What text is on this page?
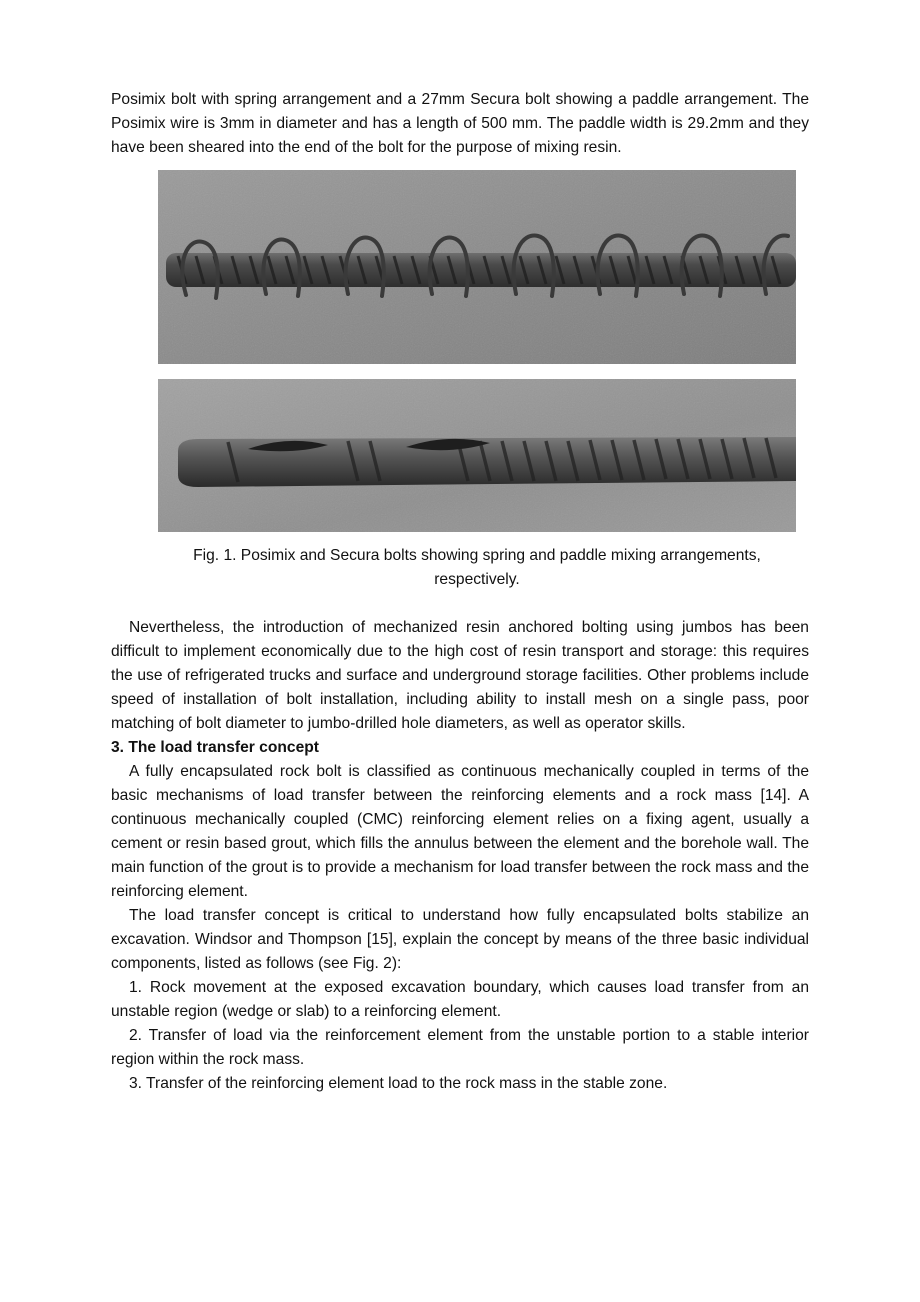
Posimix bolt with spring arrangement and a 27mm Secura bolt showing a paddle arrangement. The Posimix wire is 3mm in diameter and has a length of 500 mm. The paddle width is 29.2mm and they have been sheared into the end of the bolt for the purpose of mixing resin.

Fig. 1. Posimix and Secura bolts showing spring and paddle mixing arrangements, respectively.

Nevertheless, the introduction of mechanized resin anchored bolting using jumbos has been difficult to implement economically due to the high cost of resin transport and storage: this requires the use of refrigerated trucks and surface and underground storage facilities. Other problems include speed of installation of bolt installation, including ability to install mesh on a single pass, poor matching of bolt diameter to jumbo-drilled hole diameters, as well as operator skills.

3. The load transfer concept

A fully encapsulated rock bolt is classified as continuous mechanically coupled in terms of the basic mechanisms of load transfer between the reinforcing elements and a rock mass [14]. A continuous mechanically coupled (CMC) reinforcing element relies on a fixing agent, usually a cement or resin based grout, which fills the annulus between the element and the borehole wall. The main function of the grout is to provide a mechanism for load transfer between the rock mass and the reinforcing element.

The load transfer concept is critical to understand how fully encapsulated bolts stabilize an excavation. Windsor and Thompson [15], explain the concept by means of the three basic individual components, listed as follows (see Fig. 2):

1. Rock movement at the exposed excavation boundary, which causes load transfer from an unstable region (wedge or slab) to a reinforcing element.

2. Transfer of load via the reinforcement element from the unstable portion to a stable interior region within the rock mass.

3. Transfer of the reinforcing element load to the rock mass in the stable zone.
